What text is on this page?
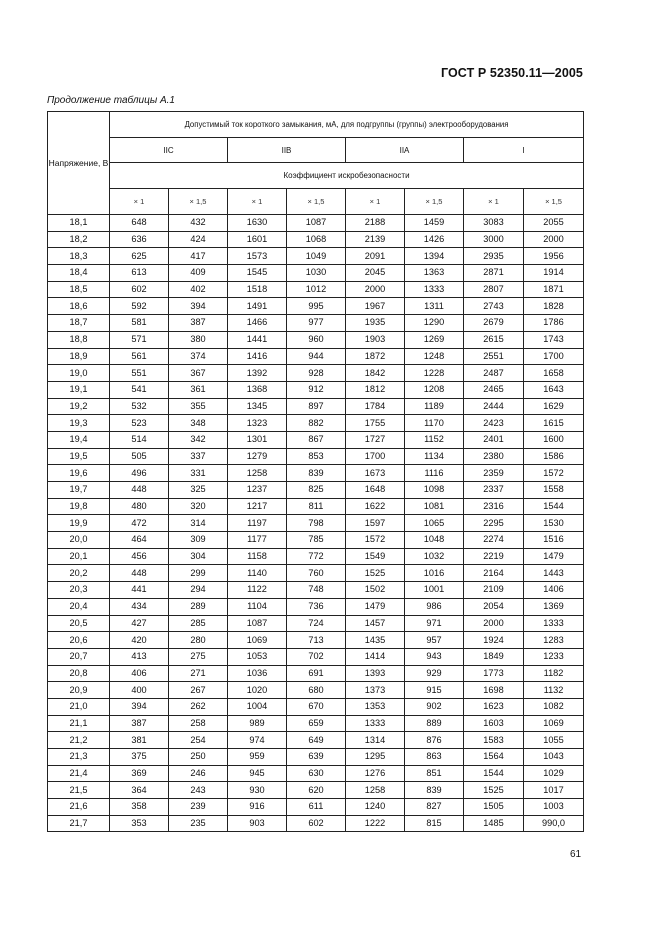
ГОСТ Р 52350.11—2005
Продолжение таблицы А.1
Напряжение, В	Допустимый ток короткого замыкания, мА, для подгруппы (группы) электрооборудования							
	IIC		IIB		IIA		I	
	Коэффициент искробезопасности							
	× 1	× 1,5	× 1	× 1,5	× 1	× 1,5	× 1	× 1,5
18,1	648	432	1630	1087	2188	1459	3083	2055
18,2	636	424	1601	1068	2139	1426	3000	2000
18,3	625	417	1573	1049	2091	1394	2935	1956
18,4	613	409	1545	1030	2045	1363	2871	1914
18,5	602	402	1518	1012	2000	1333	2807	1871
18,6	592	394	1491	995	1967	1311	2743	1828
18,7	581	387	1466	977	1935	1290	2679	1786
18,8	571	380	1441	960	1903	1269	2615	1743
18,9	561	374	1416	944	1872	1248	2551	1700
19,0	551	367	1392	928	1842	1228	2487	1658
19,1	541	361	1368	912	1812	1208	2465	1643
19,2	532	355	1345	897	1784	1189	2444	1629
19,3	523	348	1323	882	1755	1170	2423	1615
19,4	514	342	1301	867	1727	1152	2401	1600
19,5	505	337	1279	853	1700	1134	2380	1586
19,6	496	331	1258	839	1673	1116	2359	1572
19,7	448	325	1237	825	1648	1098	2337	1558
19,8	480	320	1217	811	1622	1081	2316	1544
19,9	472	314	1197	798	1597	1065	2295	1530
20,0	464	309	1177	785	1572	1048	2274	1516
20,1	456	304	1158	772	1549	1032	2219	1479
20,2	448	299	1140	760	1525	1016	2164	1443
20,3	441	294	1122	748	1502	1001	2109	1406
20,4	434	289	1104	736	1479	986	2054	1369
20,5	427	285	1087	724	1457	971	2000	1333
20,6	420	280	1069	713	1435	957	1924	1283
20,7	413	275	1053	702	1414	943	1849	1233
20,8	406	271	1036	691	1393	929	1773	1182
20,9	400	267	1020	680	1373	915	1698	1132
21,0	394	262	1004	670	1353	902	1623	1082
21,1	387	258	989	659	1333	889	1603	1069
21,2	381	254	974	649	1314	876	1583	1055
21,3	375	250	959	639	1295	863	1564	1043
21,4	369	246	945	630	1276	851	1544	1029
21,5	364	243	930	620	1258	839	1525	1017
21,6	358	239	916	611	1240	827	1505	1003
21,7	353	235	903	602	1222	815	1485	990,0
61
